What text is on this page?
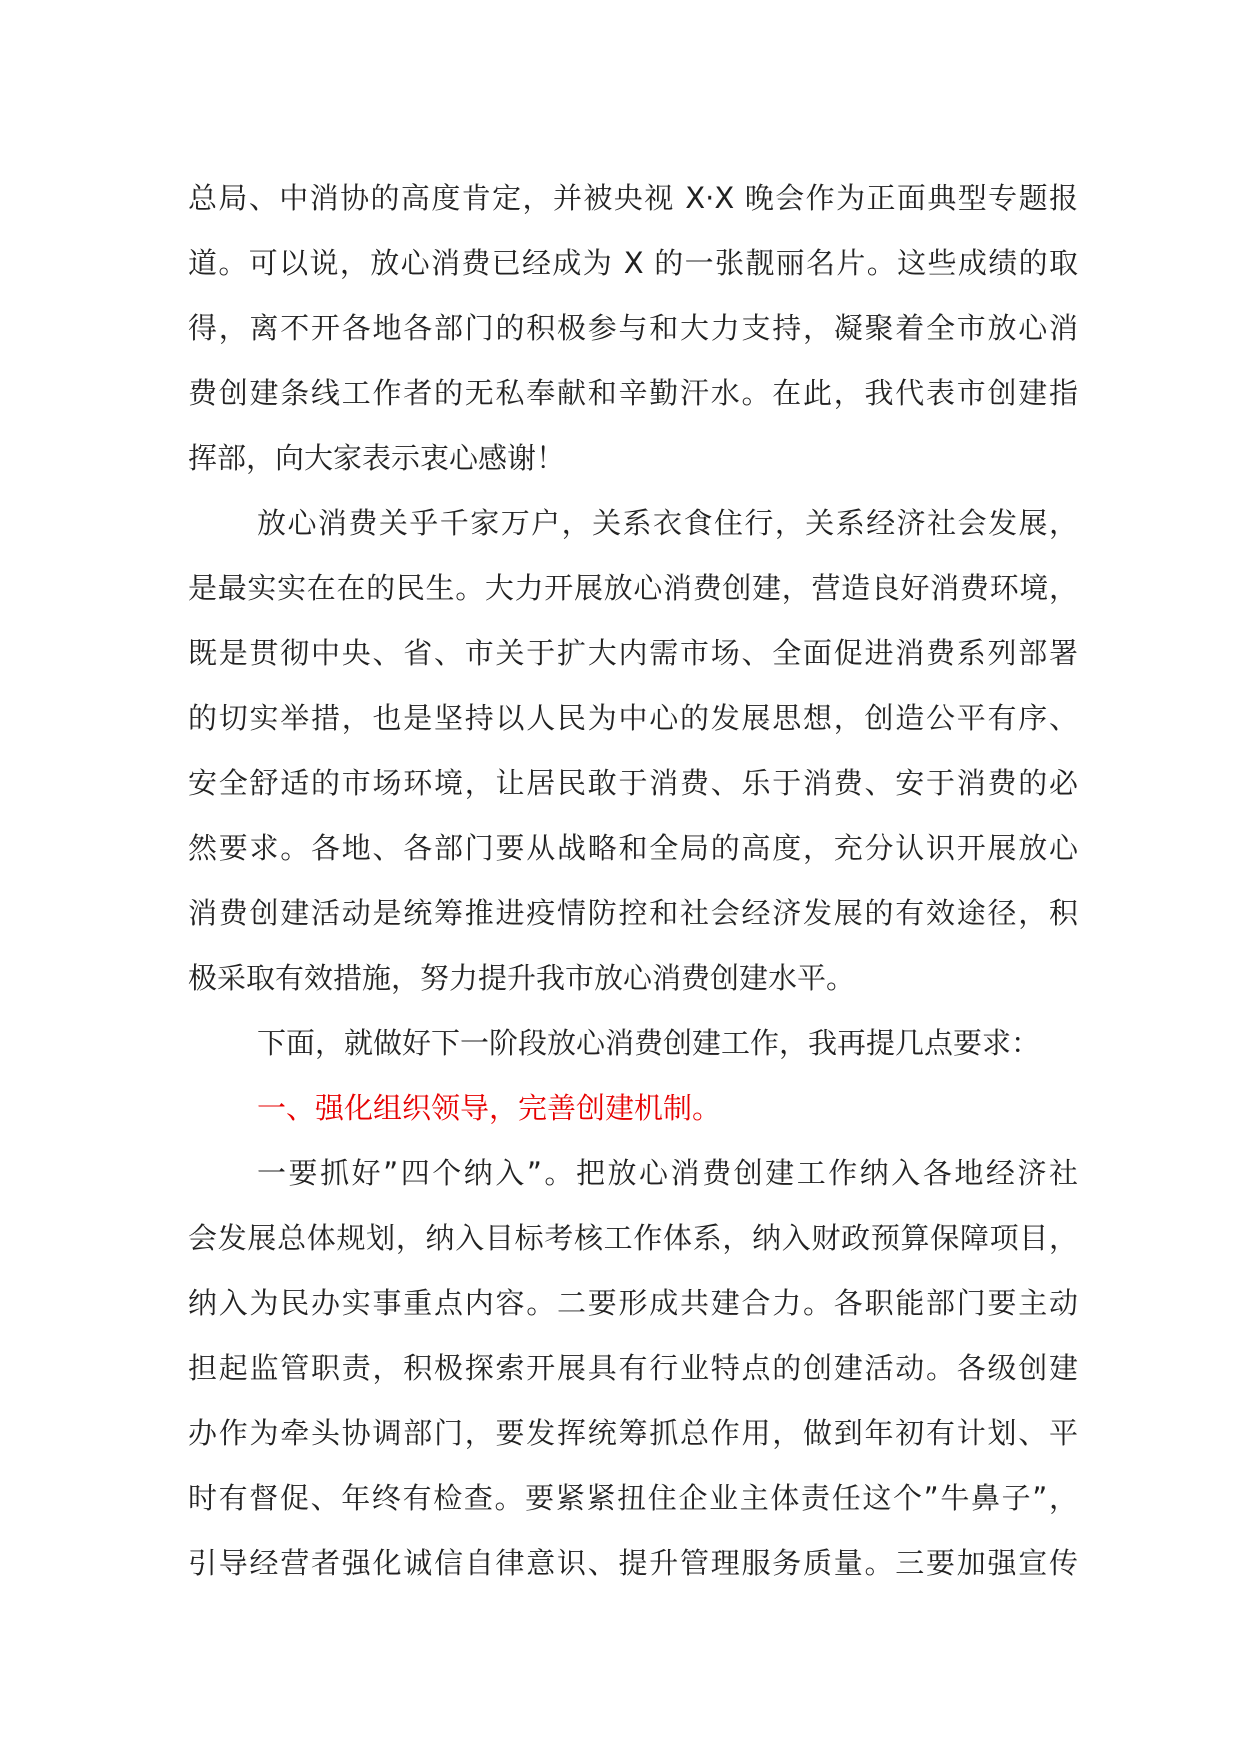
总局、中消协的高度肯定，并被央视 X·X 晚会作为正面典型专题报
道。可以说，放心消费已经成为 X 的一张靓丽名片。这些成绩的取
得，离不开各地各部门的积极参与和大力支持，凝聚着全市放心消
费创建条线工作者的无私奉献和辛勤汗水。在此，我代表市创建指
挥部，向大家表示衷心感谢！
放心消费关乎千家万户，关系衣食住行，关系经济社会发展，
是最实实在在的民生。大力开展放心消费创建，营造良好消费环境，
既是贯彻中央、省、市关于扩大内需市场、全面促进消费系列部署
的切实举措，也是坚持以人民为中心的发展思想，创造公平有序、
安全舒适的市场环境，让居民敢于消费、乐于消费、安于消费的必
然要求。各地、各部门要从战略和全局的高度，充分认识开展放心
消费创建活动是统筹推进疫情防控和社会经济发展的有效途径，积
极采取有效措施，努力提升我市放心消费创建水平。
下面，就做好下一阶段放心消费创建工作，我再提几点要求：
一、强化组织领导，完善创建机制。
一要抓好”四个纳入”。把放心消费创建工作纳入各地经济社
会发展总体规划，纳入目标考核工作体系，纳入财政预算保障项目，
纳入为民办实事重点内容。二要形成共建合力。各职能部门要主动
担起监管职责，积极探索开展具有行业特点的创建活动。各级创建
办作为牵头协调部门，要发挥统筹抓总作用，做到年初有计划、平
时有督促、年终有检查。要紧紧扭住企业主体责任这个”牛鼻子”，
引导经营者强化诚信自律意识、提升管理服务质量。三要加强宣传
